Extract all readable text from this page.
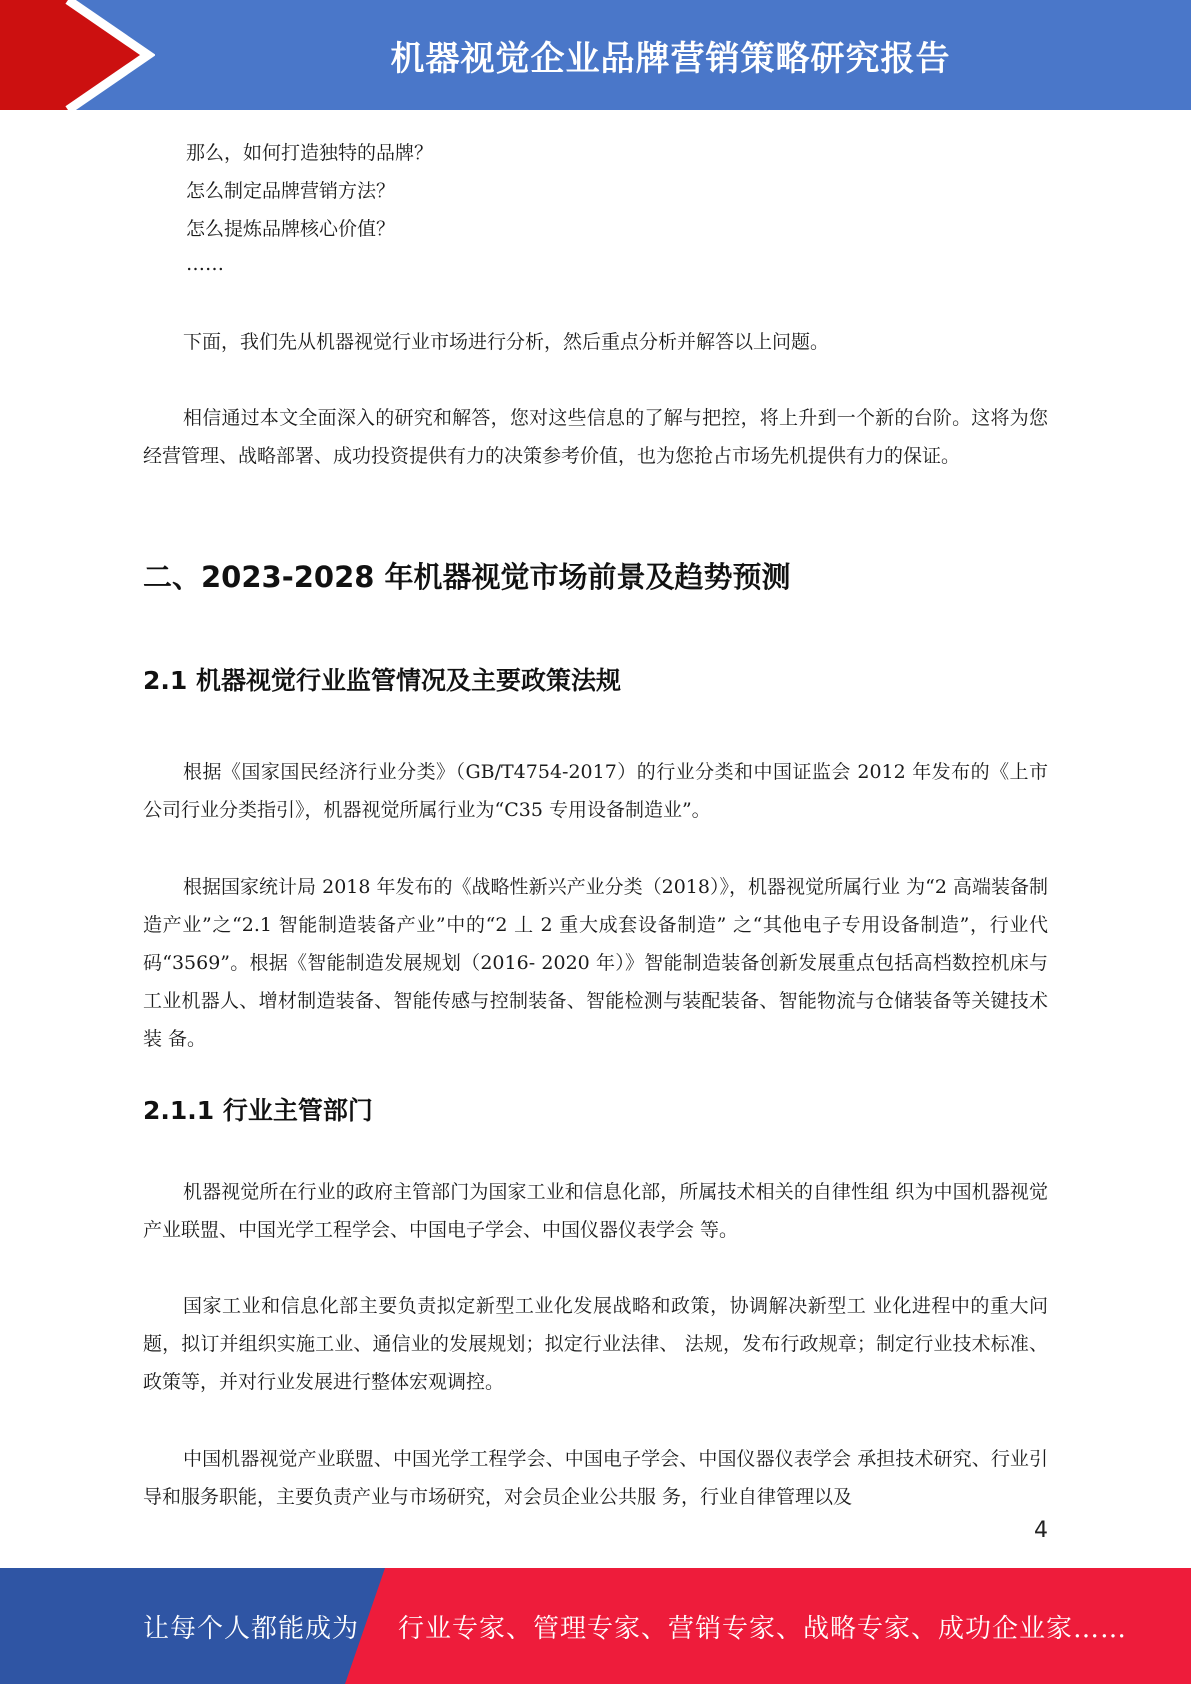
机器视觉企业品牌营销策略研究报告
那么，如何打造独特的品牌？
怎么制定品牌营销方法？
怎么提炼品牌核心价值？
……

下面，我们先从机器视觉行业市场进行分析，然后重点分析并解答以上问题。

相信通过本文全面深入的研究和解答，您对这些信息的了解与把控，将上升到一个新的台阶。这将为您经营管理、战略部署、成功投资提供有力的决策参考价值，也为您抢占市场先机提供有力的保证。

二、2023-2028 年机器视觉市场前景及趋势预测
2.1 机器视觉行业监管情况及主要政策法规

根据《国家国民经济行业分类》（GB/T4754-2017）的行业分类和中国证监会 2012 年发布的《上市公司行业分类指引》，机器视觉所属行业为“C35 专用设备制造业”。

根据国家统计局 2018 年发布的《战略性新兴产业分类（2018）》，机器视觉所属行业 为“2 高端装备制造产业”之“2.1 智能制造装备产业”中的“2 丄 2 重大成套设备制造” 之“其他电子专用设备制造”，行业代码“3569”。根据《智能制造发展规划（2016- 2020 年）》智能制造装备创新发展重点包括高档数控机床与工业机器人、增材制造装备、智能传感与控制装备、智能检测与装配装备、智能物流与仓储装备等关键技术装 备。

2.1.1 行业主管部门

机器视觉所在行业的政府主管部门为国家工业和信息化部，所属技术相关的自律性组 织为中国机器视觉产业联盟、中国光学工程学会、中国电子学会、中国仪器仪表学会 等。

国家工业和信息化部主要负责拟定新型工业化发展战略和政策，协调解决新型工 业化进程中的重大问题，拟订并组织实施工业、通信业的发展规划；拟定行业法律、 法规，发布行政规章；制定行业技术标准、政策等，并对行业发展进行整体宏观调控。

中国机器视觉产业联盟、中国光学工程学会、中国电子学会、中国仪器仪表学会 承担技术研究、行业引导和服务职能，主要负责产业与市场研究，对会员企业公共服 务，行业自律管理以及

4
让每个人都能成为 行业专家、管理专家、营销专家、战略专家、成功企业家……
